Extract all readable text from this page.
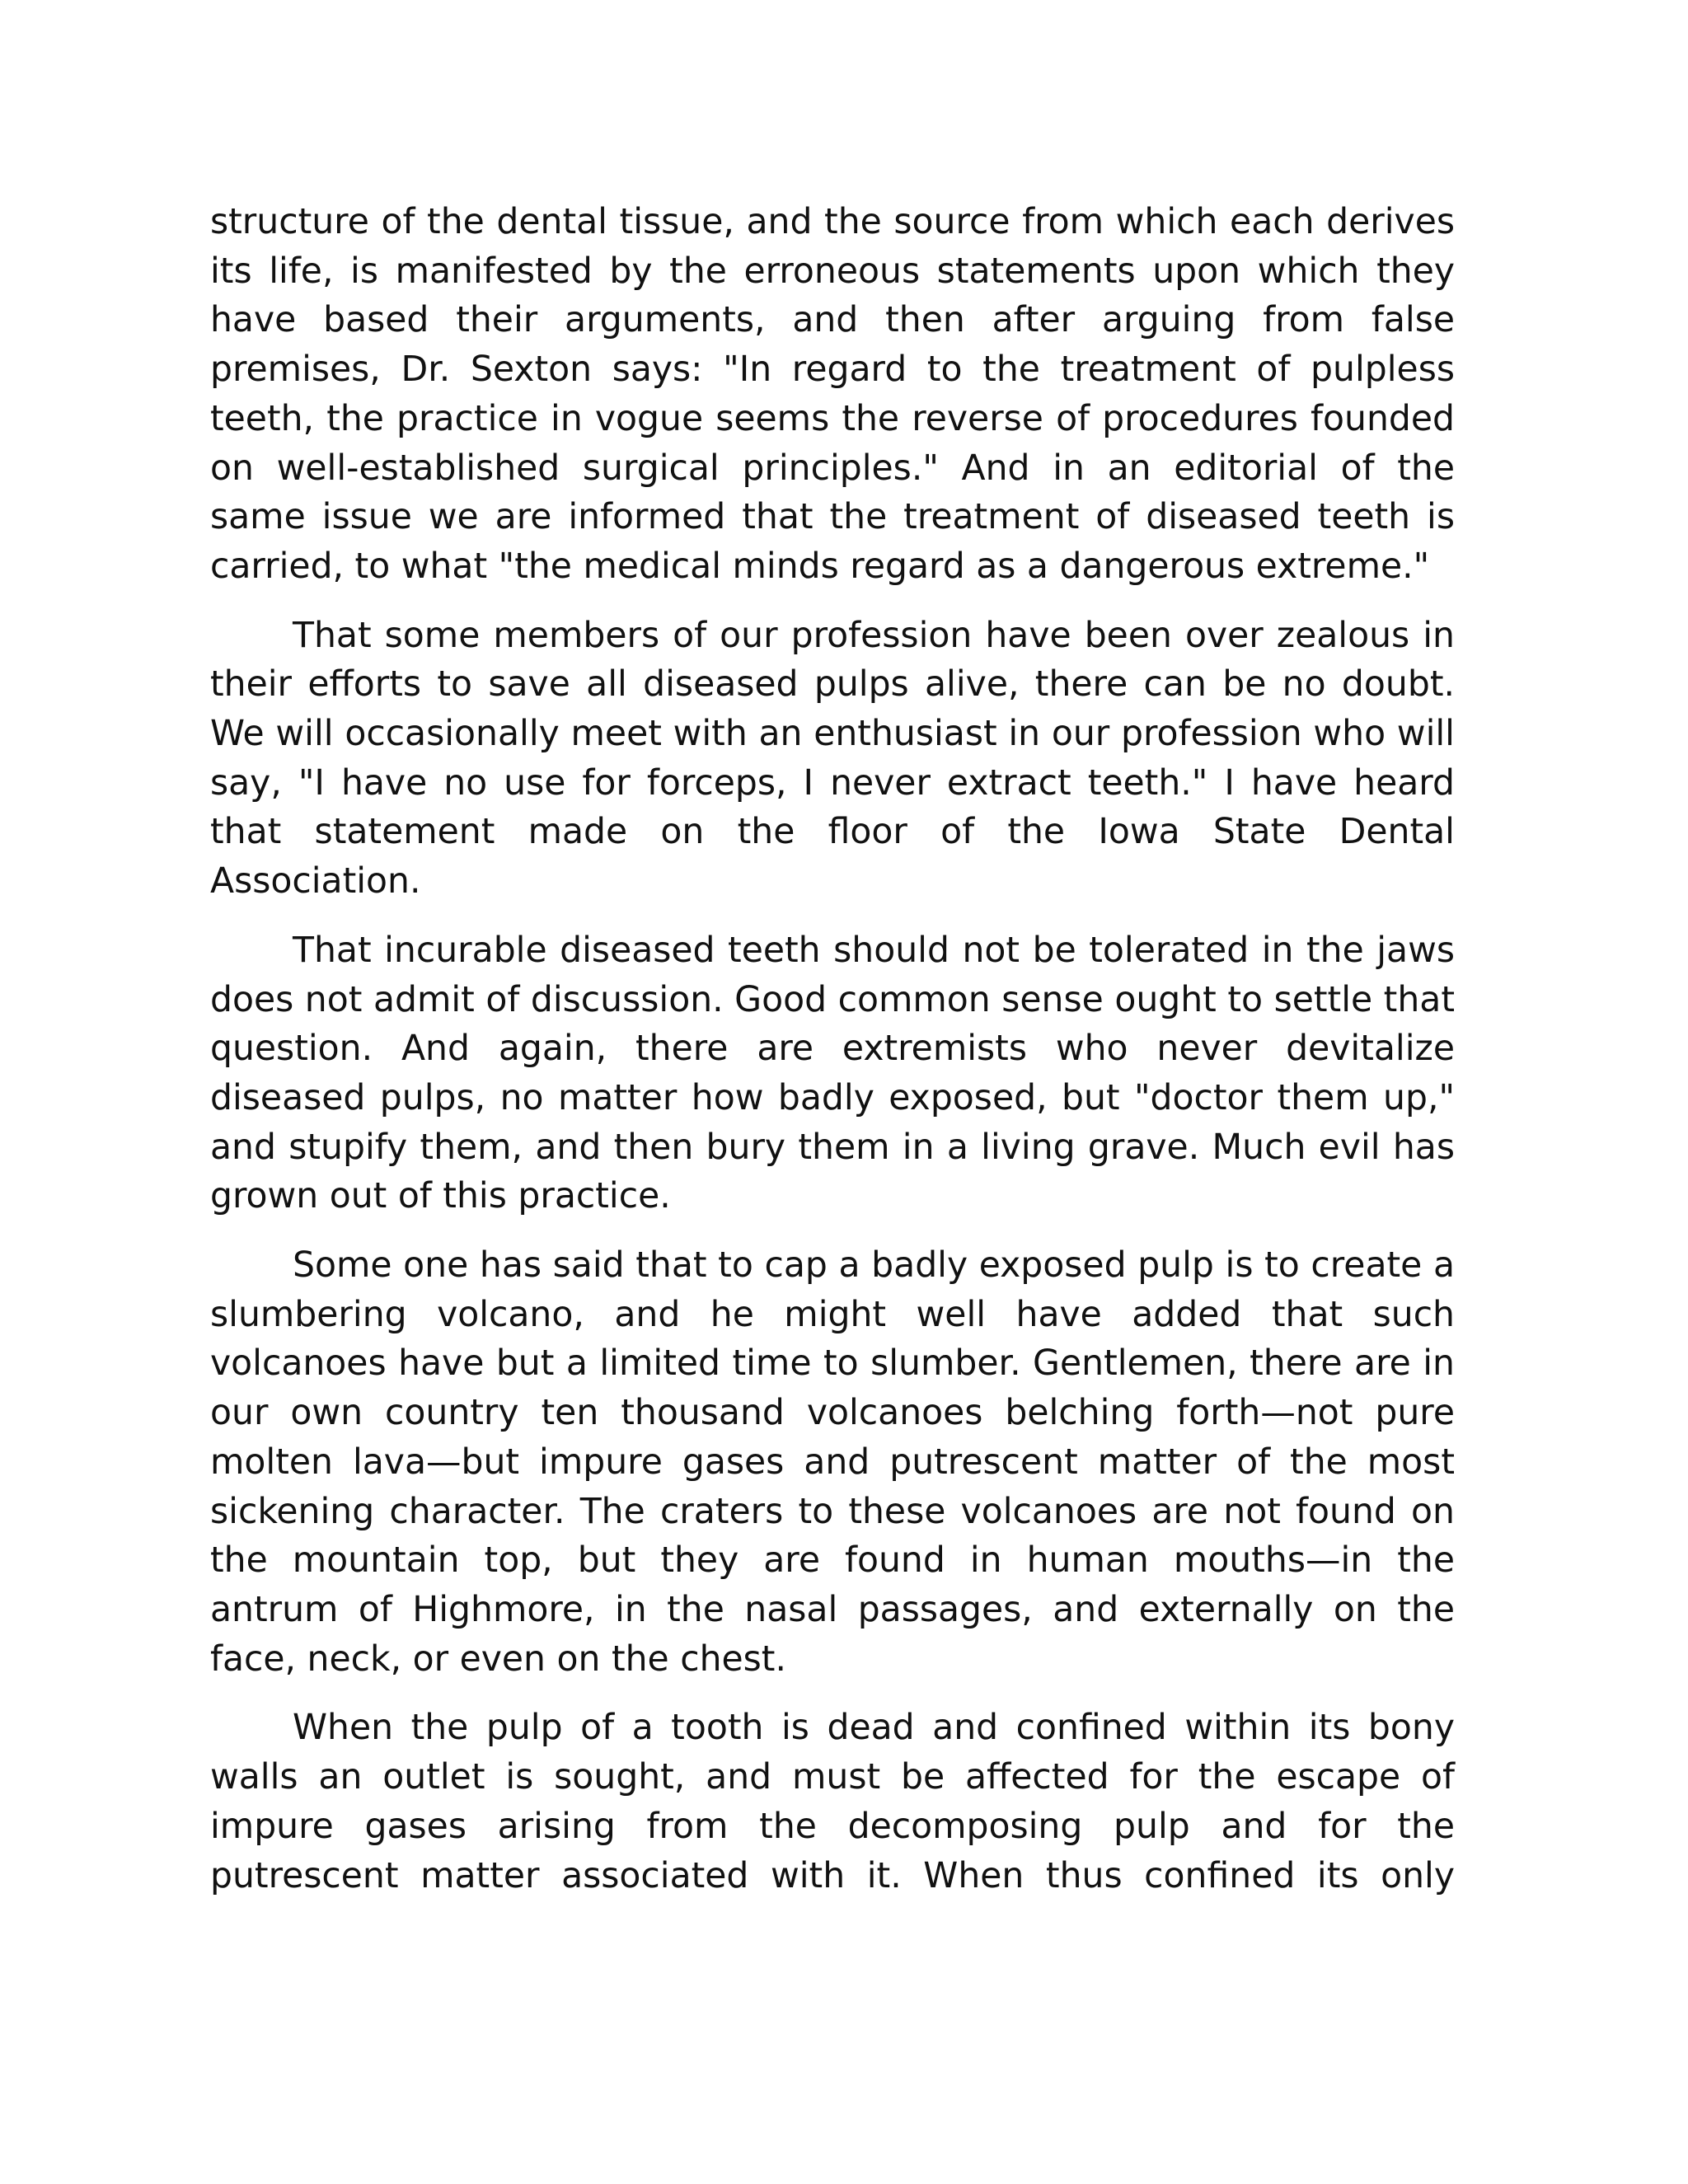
structure of the dental tissue, and the source from which each derives its life, is manifested by the erroneous statements upon which they have based their arguments, and then after arguing from false premises, Dr. Sexton says: "In regard to the treatment of pulpless teeth, the practice in vogue seems the reverse of procedures founded on well-established surgical principles." And in an editorial of the same issue we are informed that the treatment of diseased teeth is carried, to what "the medical minds regard as a dangerous extreme."

That some members of our profession have been over zealous in their efforts to save all diseased pulps alive, there can be no doubt. We will occasionally meet with an enthusiast in our profession who will say, "I have no use for forceps, I never extract teeth." I have heard that statement made on the floor of the Iowa State Dental Association.

That incurable diseased teeth should not be tolerated in the jaws does not admit of discussion. Good common sense ought to settle that question. And again, there are extremists who never devitalize diseased pulps, no matter how badly exposed, but "doctor them up," and stupify them, and then bury them in a living grave. Much evil has grown out of this practice.

Some one has said that to cap a badly exposed pulp is to create a slumbering volcano, and he might well have added that such volcanoes have but a limited time to slumber. Gentlemen, there are in our own country ten thousand volcanoes belching forth—not pure molten lava—but impure gases and putrescent matter of the most sickening character. The craters to these volcanoes are not found on the mountain top, but they are found in human mouths—in the antrum of Highmore, in the nasal passages, and externally on the face, neck, or even on the chest.

When the pulp of a tooth is dead and confined within its bony walls an outlet is sought, and must be affected for the escape of impure gases arising from the decomposing pulp and for the putrescent matter associated with it. When thus confined its only
